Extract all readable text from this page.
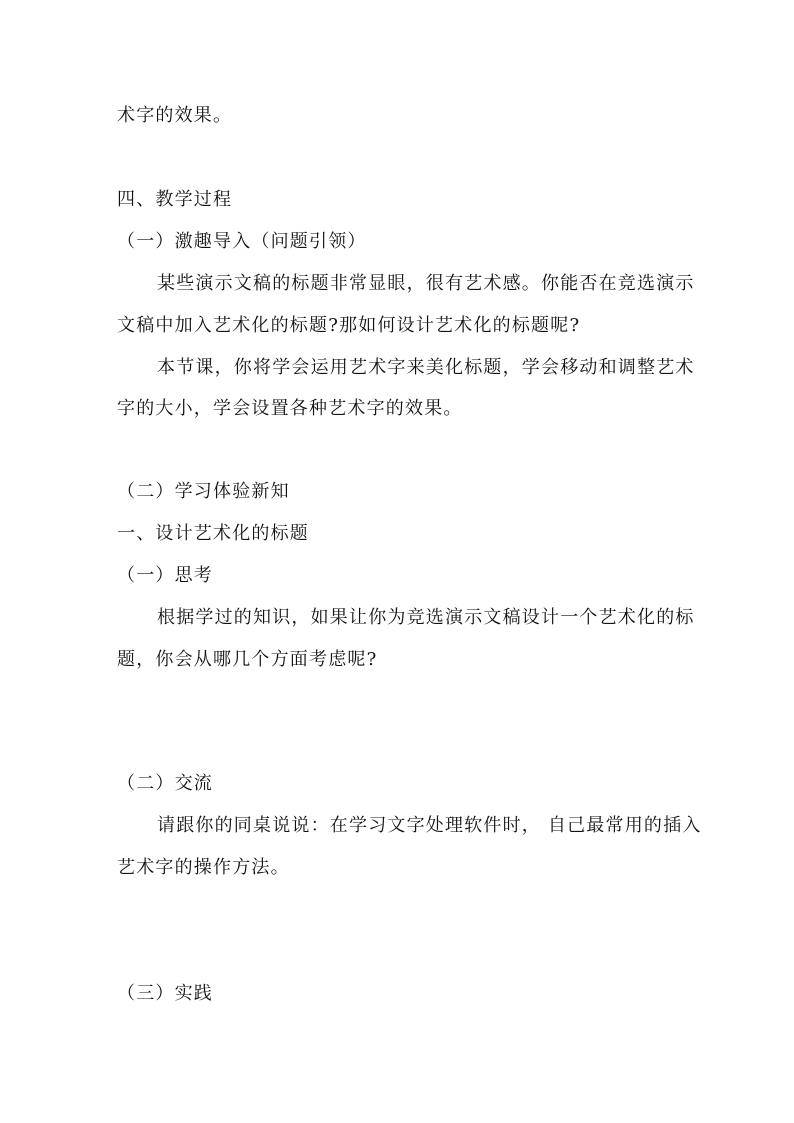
术字的效果。

四、教学过程

（一）激趣导入（问题引领）

某些演示文稿的标题非常显眼，很有艺术感。你能否在竞选演示

文稿中加入艺术化的标题?那如何设计艺术化的标题呢?

本节课，你将学会运用艺术字来美化标题，学会移动和调整艺术

字的大小，学会设置各种艺术字的效果。

（二）学习体验新知

一、设计艺术化的标题

（一）思考

根据学过的知识，如果让你为竞选演示文稿设计一个艺术化的标

题，你会从哪几个方面考虑呢?

（二）交流

请跟你的同桌说说：在学习文字处理软件时， 自己最常用的插入

艺术字的操作方法。

（三）实践
